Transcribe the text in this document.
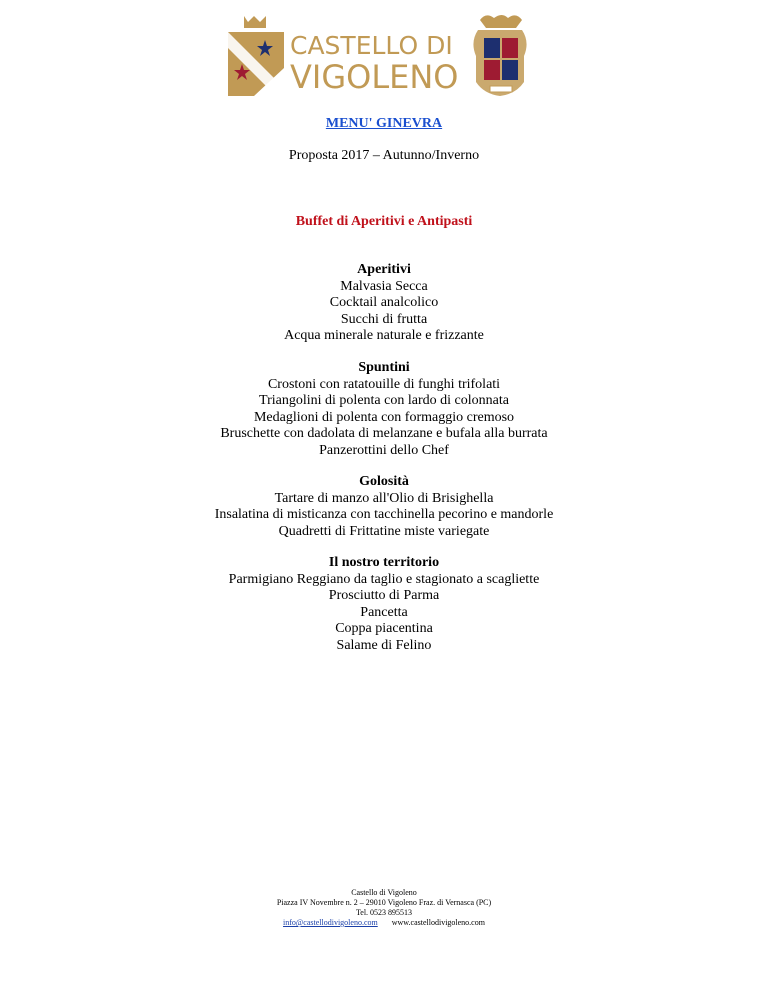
CASTELLO DI
VIGOLENO
MENU' GINEVRA
Proposta 2017 – Autunno/Inverno
Buffet di Aperitivi e Antipasti
Aperitivi
Malvasia Secca
Cocktail analcolico
Succhi di frutta
Acqua minerale naturale e frizzante
Spuntini
Crostoni con ratatouille di funghi trifolati
Triangolini di polenta con lardo di colonnata
Medaglioni di polenta con formaggio cremoso
Bruschette con dadolata di melanzane e bufala alla burrata
Panzerottini dello Chef
Golosità
Tartare di manzo all'Olio di Brisighella
Insalatina di misticanza con tacchinella pecorino e mandorle
Quadretti di Frittatine miste variegate
Il nostro territorio
Parmigiano Reggiano da taglio e stagionato a scagliette
Prosciutto di Parma
Pancetta
Coppa piacentina
Salame di Felino
Castello di Vigoleno
Piazza IV Novembre n. 2 – 29010 Vigoleno Fraz. di Vernasca (PC)
Tel. 0523 895513
info@castellodivigoleno.com www.castellodivigoleno.com
